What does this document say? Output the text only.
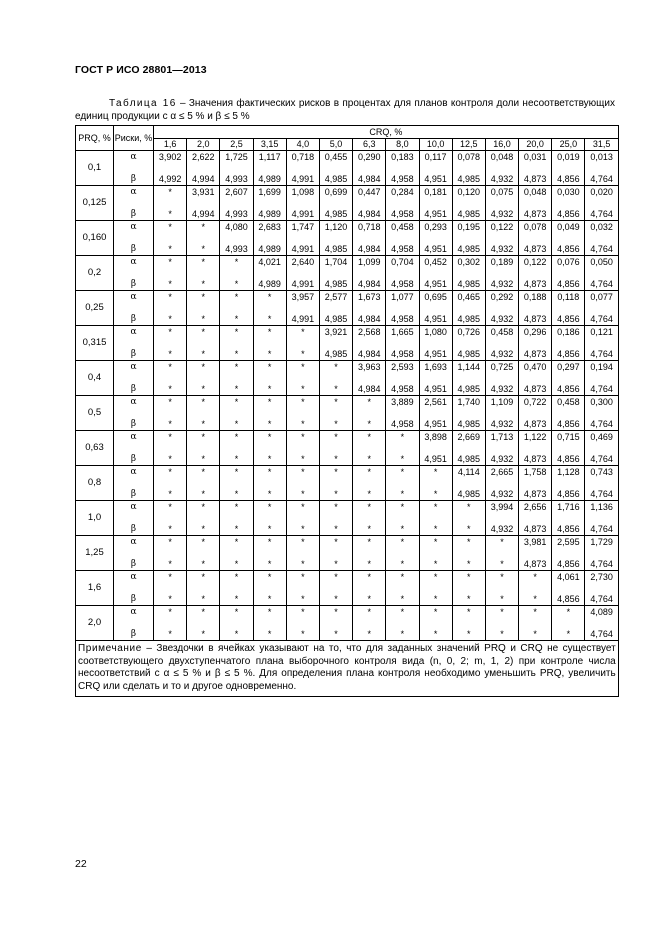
ГОСТ Р ИСО 28801—2013
Таблица 16 – Значения фактических рисков в процентах для планов контроля доли несоответствующих единиц продукции с α ≤ 5 % и β ≤ 5 %
PRQ, %	Риски, %	CRQ, %													
		1,6	2,0	2,5	3,15	4,0	5,0	6,3	8,0	10,0	12,5	16,0	20,0	25,0	31,5
0,1	α	3,902	2,622	1,725	1,117	0,718	0,455	0,290	0,183	0,117	0,078	0,048	0,031	0,019	0,013
	β	4,992	4,994	4,993	4,989	4,991	4,985	4,984	4,958	4,951	4,985	4,932	4,873	4,856	4,764
0,125	α	*	3,931	2,607	1,699	1,098	0,699	0,447	0,284	0,181	0,120	0,075	0,048	0,030	0,020
	β	*	4,994	4,993	4,989	4,991	4,985	4,984	4,958	4,951	4,985	4,932	4,873	4,856	4,764
0,160	α	*	*	4,080	2,683	1,747	1,120	0,718	0,458	0,293	0,195	0,122	0,078	0,049	0,032
	β	*	*	4,993	4,989	4,991	4,985	4,984	4,958	4,951	4,985	4,932	4,873	4,856	4,764
0,2	α	*	*	*	4,021	2,640	1,704	1,099	0,704	0,452	0,302	0,189	0,122	0,076	0,050
	β	*	*	*	4,989	4,991	4,985	4,984	4,958	4,951	4,985	4,932	4,873	4,856	4,764
0,25	α	*	*	*	*	3,957	2,577	1,673	1,077	0,695	0,465	0,292	0,188	0,118	0,077
	β	*	*	*	*	4,991	4,985	4,984	4,958	4,951	4,985	4,932	4,873	4,856	4,764
0,315	α	*	*	*	*	*	3,921	2,568	1,665	1,080	0,726	0,458	0,296	0,186	0,121
	β	*	*	*	*	*	4,985	4,984	4,958	4,951	4,985	4,932	4,873	4,856	4,764
0,4	α	*	*	*	*	*	*	3,963	2,593	1,693	1,144	0,725	0,470	0,297	0,194
	β	*	*	*	*	*	*	4,984	4,958	4,951	4,985	4,932	4,873	4,856	4,764
0,5	α	*	*	*	*	*	*	*	3,889	2,561	1,740	1,109	0,722	0,458	0,300
	β	*	*	*	*	*	*	*	4,958	4,951	4,985	4,932	4,873	4,856	4,764
0,63	α	*	*	*	*	*	*	*	*	3,898	2,669	1,713	1,122	0,715	0,469
	β	*	*	*	*	*	*	*	*	4,951	4,985	4,932	4,873	4,856	4,764
0,8	α	*	*	*	*	*	*	*	*	*	4,114	2,665	1,758	1,128	0,743
	β	*	*	*	*	*	*	*	*	*	4,985	4,932	4,873	4,856	4,764
1,0	α	*	*	*	*	*	*	*	*	*	*	3,994	2,656	1,716	1,136
	β	*	*	*	*	*	*	*	*	*	*	4,932	4,873	4,856	4,764
1,25	α	*	*	*	*	*	*	*	*	*	*	*	3,981	2,595	1,729
	β	*	*	*	*	*	*	*	*	*	*	*	4,873	4,856	4,764
1,6	α	*	*	*	*	*	*	*	*	*	*	*	*	4,061	2,730
	β	*	*	*	*	*	*	*	*	*	*	*	*	4,856	4,764
2,0	α	*	*	*	*	*	*	*	*	*	*	*	*	*	4,089
	β	*	*	*	*	*	*	*	*	*	*	*	*	*	4,764
Примечание – Звездочки в ячейках указывают на то, что для заданных значений PRQ и CRQ не существует соответствующего двухступенчатого плана выборочного контроля вида (n, 0, 2; m, 1, 2) при контроле числа несоответствий с α ≤ 5 % и β ≤ 5 %. Для определения плана контроля необходимо уменьшить PRQ, увеличить CRQ или сделать и то и другое одновременно.															
22
